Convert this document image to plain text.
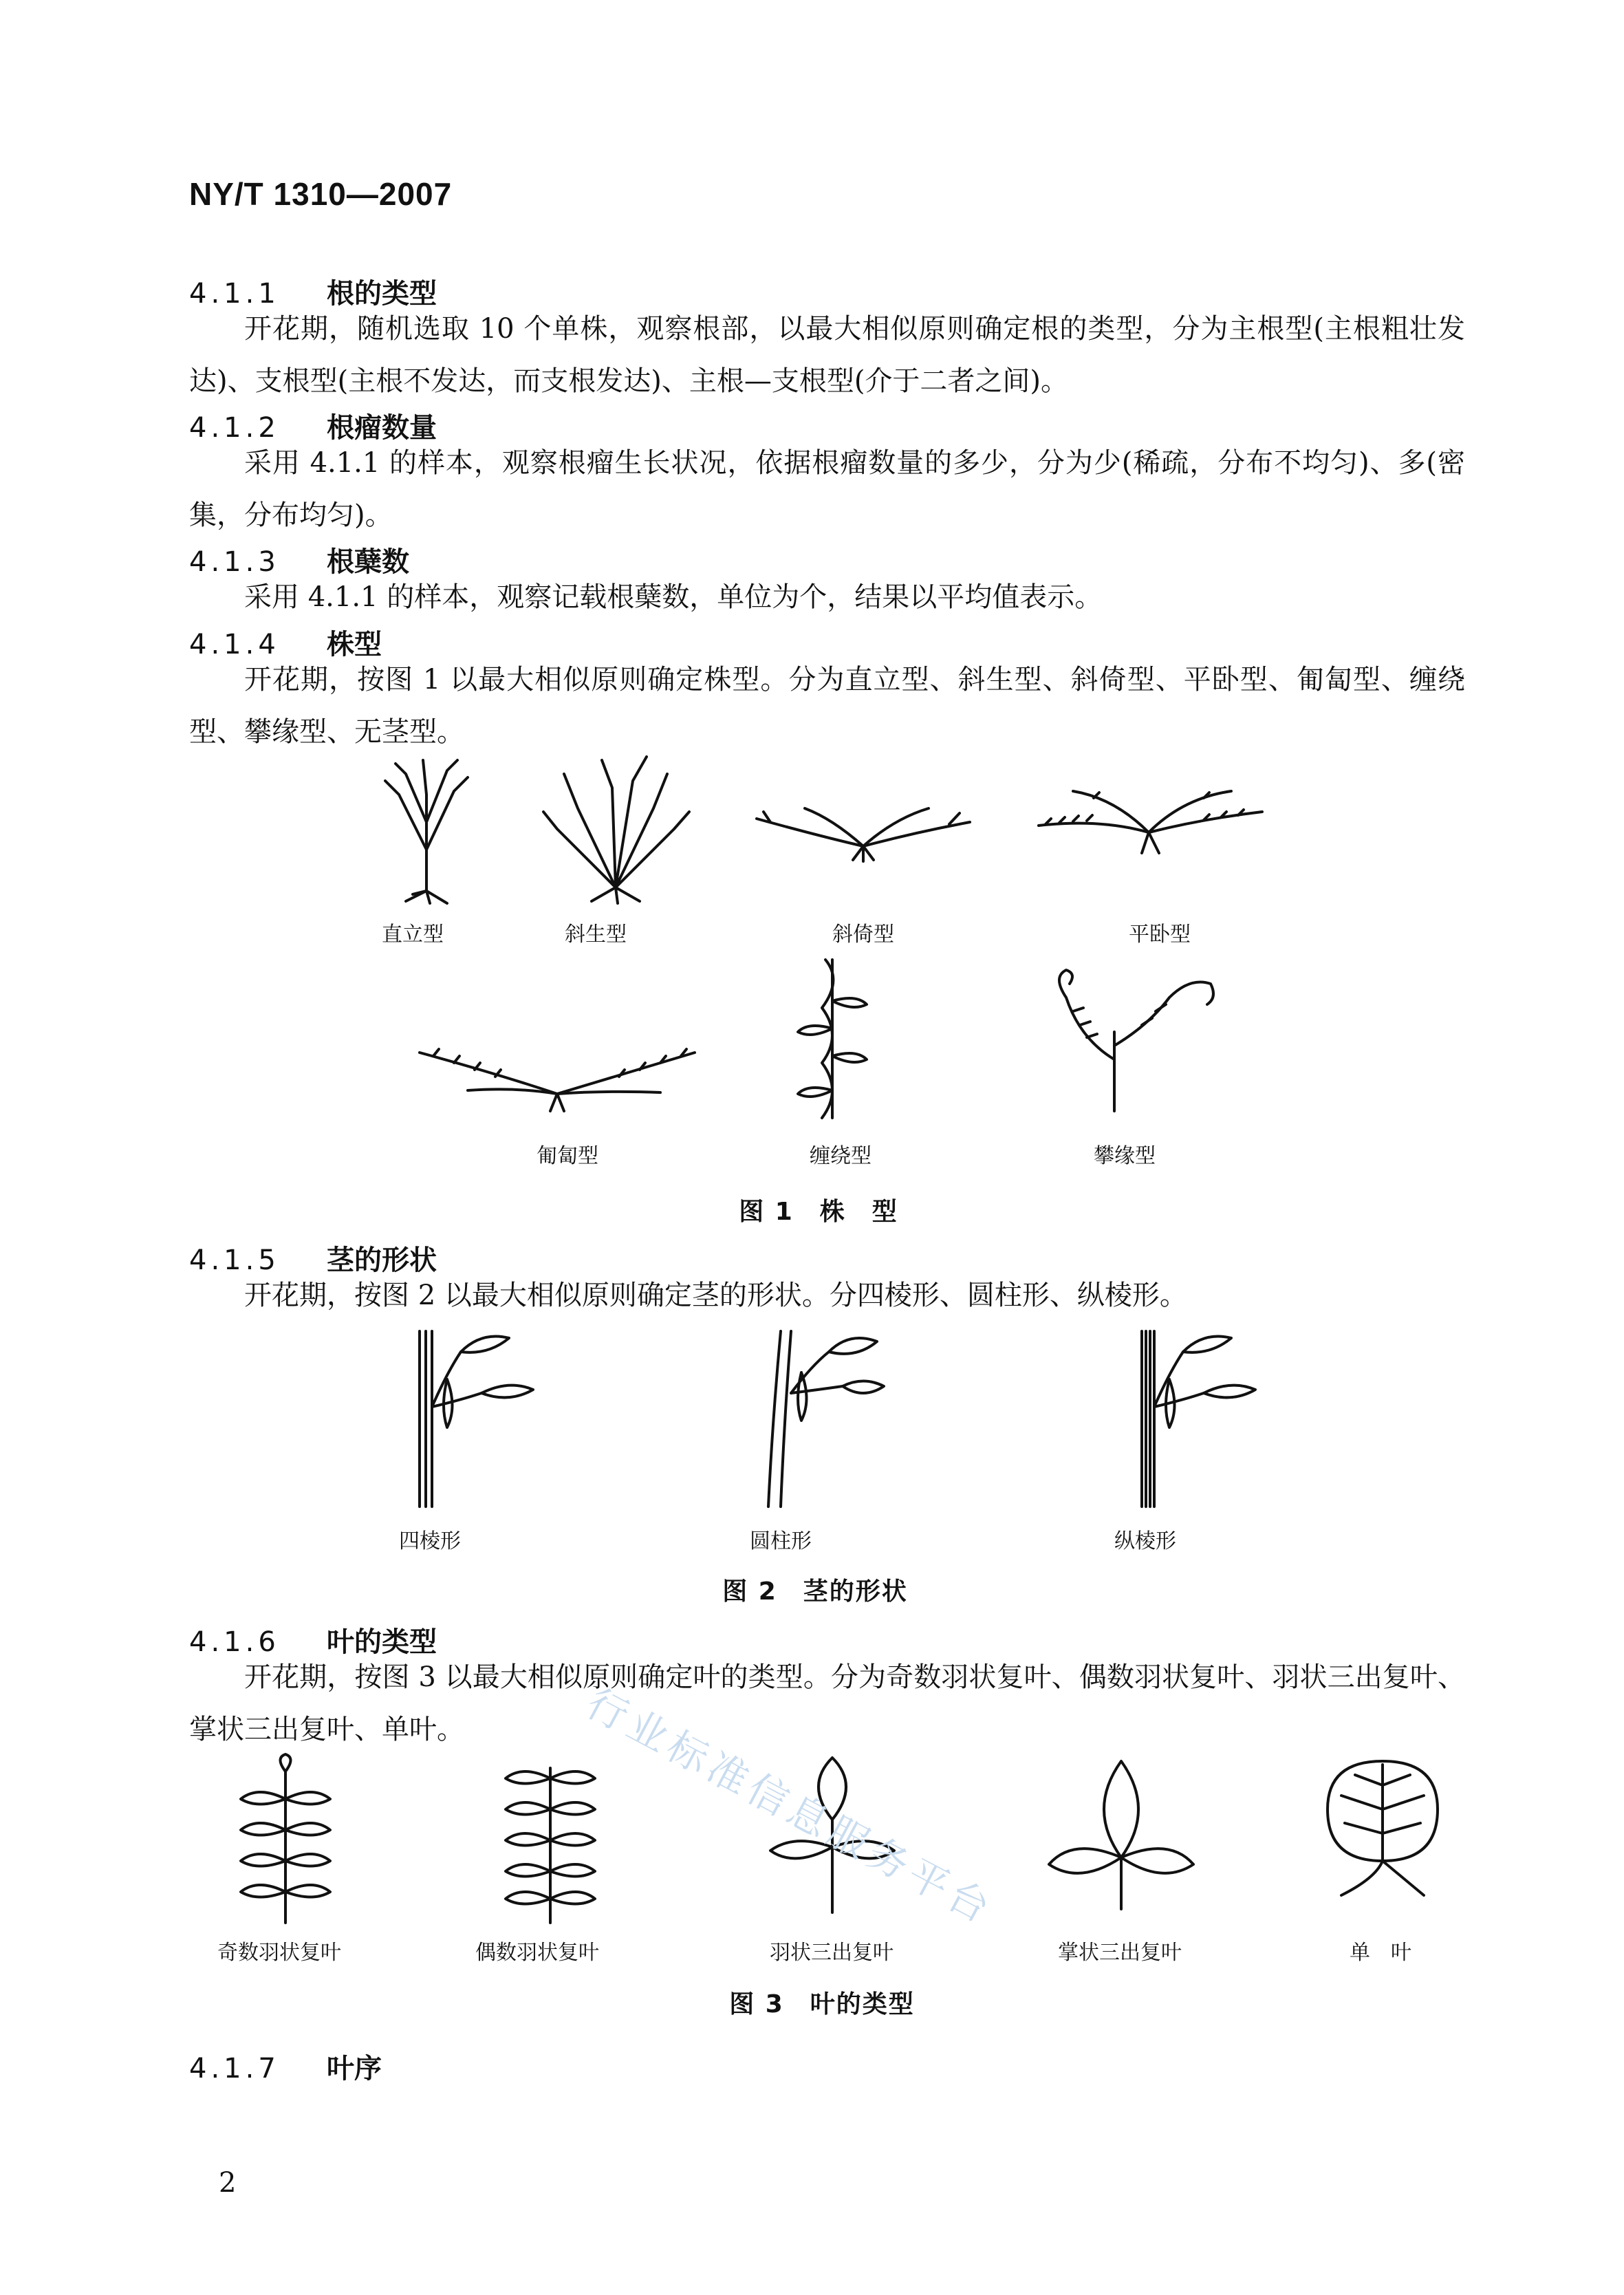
NY/T 1310—2007
4.1.1 根的类型
开花期，随机选取 10 个单株，观察根部，以最大相似原则确定根的类型，分为主根型(主根粗壮发达)、支根型(主根不发达，而支根发达)、主根—支根型(介于二者之间)。
4.1.2 根瘤数量
采用 4.1.1 的样本，观察根瘤生长状况，依据根瘤数量的多少，分为少(稀疏，分布不均匀)、多(密集，分布均匀)。
4.1.3 根蘖数
采用 4.1.1 的样本，观察记载根蘖数，单位为个，结果以平均值表示。
4.1.4 株型
开花期，按图 1 以最大相似原则确定株型。分为直立型、斜生型、斜倚型、平卧型、匍匐型、缠绕型、攀缘型、无茎型。
直立型	斜生型	斜倚型	平卧型
匍匐型	缠绕型	攀缘型
图 1　株　型
4.1.5 茎的形状
开花期，按图 2 以最大相似原则确定茎的形状。分四棱形、圆柱形、纵棱形。
四棱形	圆柱形	纵棱形
图 2　茎的形状
4.1.6 叶的类型
开花期，按图 3 以最大相似原则确定叶的类型。分为奇数羽状复叶、偶数羽状复叶、羽状三出复叶、掌状三出复叶、单叶。
奇数羽状复叶	偶数羽状复叶	羽状三出复叶	掌状三出复叶	单　叶
图 3　叶的类型
4.1.7 叶序
行业标准信息服务平台
2
